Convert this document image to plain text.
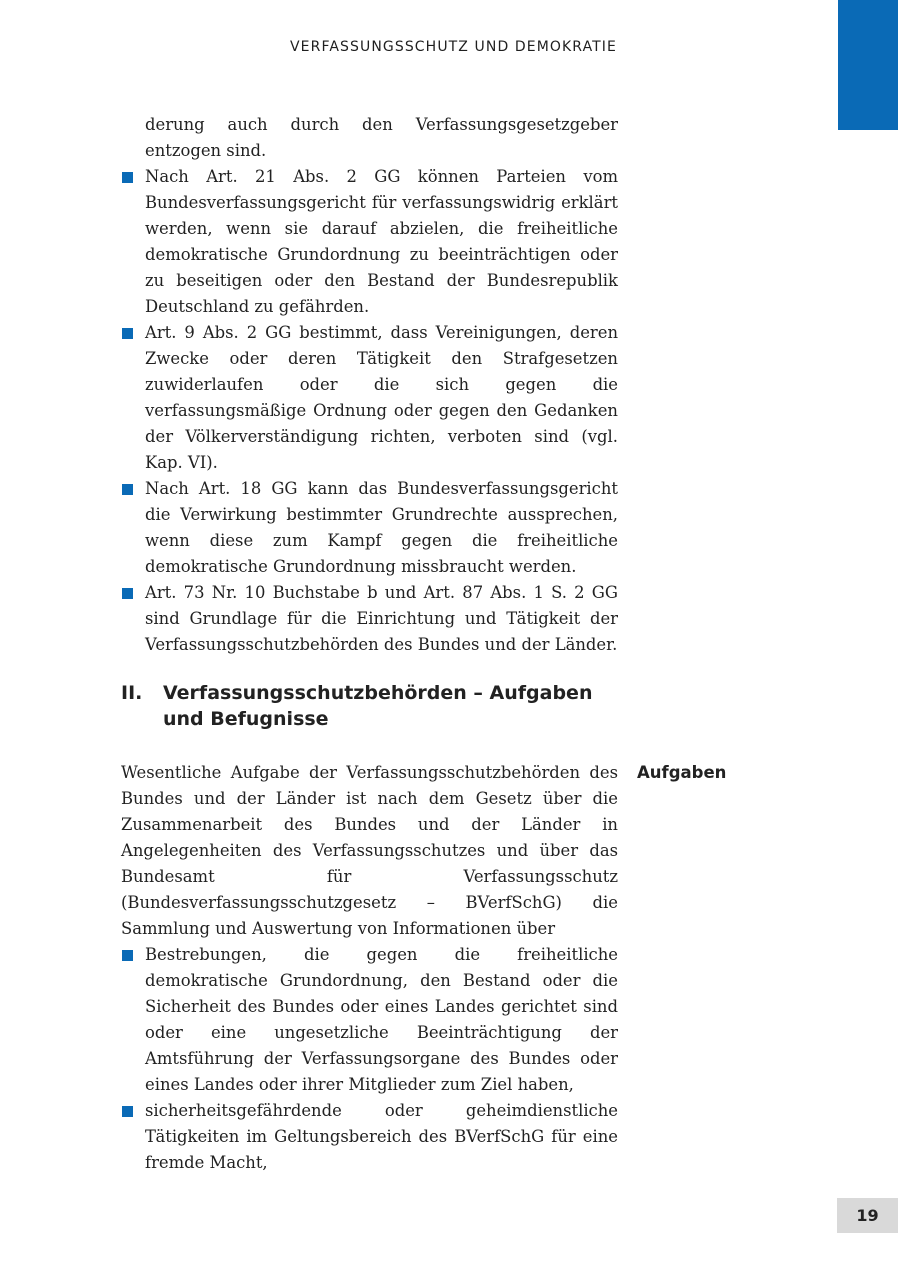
VERFASSUNGSSCHUTZ UND DEMOKRATIE
derung auch durch den Verfassungsgesetzgeber entzogen sind.
Nach Art. 21 Abs. 2 GG können Parteien vom Bundesverfassungsgericht für verfassungswidrig erklärt werden, wenn sie darauf abzielen, die freiheitliche demokratische Grundordnung zu beeinträchtigen oder zu beseitigen oder den Bestand der Bundesrepublik Deutschland zu gefährden.
Art. 9 Abs. 2 GG bestimmt, dass Vereinigungen, deren Zwecke oder deren Tätigkeit den Strafgesetzen zuwiderlaufen oder die sich gegen die verfassungsmäßige Ordnung oder gegen den Gedanken der Völkerverständigung richten, verboten sind (vgl. Kap. VI).
Nach Art. 18 GG kann das Bundesverfassungsgericht die Verwirkung bestimmter Grundrechte aussprechen, wenn diese zum Kampf gegen die freiheitliche demokratische Grundordnung missbraucht werden.
Art. 73 Nr. 10 Buchstabe b und Art. 87 Abs. 1 S. 2 GG sind Grundlage für die Einrichtung und Tätigkeit der Verfassungsschutzbehörden des Bundes und der Länder.
II. Verfassungsschutzbehörden – Aufgaben und Befugnisse
Wesentliche Aufgabe der Verfassungsschutzbehörden des Bundes und der Länder ist nach dem Gesetz über die Zusammenarbeit des Bundes und der Länder in Angelegenheiten des Verfassungsschutzes und über das Bundesamt für Verfassungsschutz (Bundesverfassungsschutzgesetz – BVerfSchG) die Sammlung und Auswertung von Informationen über
Aufgaben
Bestrebungen, die gegen die freiheitliche demokratische Grundordnung, den Bestand oder die Sicherheit des Bundes oder eines Landes gerichtet sind oder eine ungesetzliche Beeinträchtigung der Amtsführung der Verfassungsorgane des Bundes oder eines Landes oder ihrer Mitglieder zum Ziel haben,
sicherheitsgefährdende oder geheimdienstliche Tätigkeiten im Geltungsbereich des BVerfSchG für eine fremde Macht,
19
